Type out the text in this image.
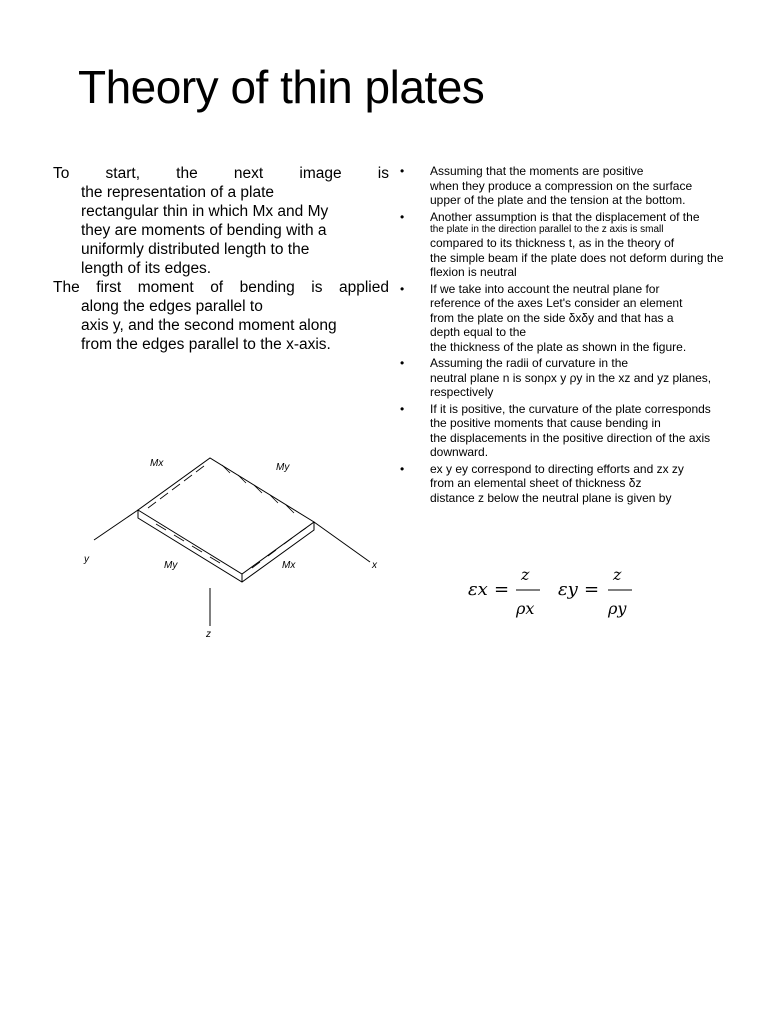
Theory of thin plates
To start, the next image is
the representation of a plate
rectangular thin in which Mx and My
they are moments of bending with a
uniformly distributed length to the
length of its edges.
The first moment of bending is applied
along the edges parallel to
axis y, and the second moment along
from the edges parallel to the x-axis.
• Assuming that the moments are positive
when they produce a compression on the surface
upper of the plate and the tension at the bottom.
• Another assumption is that the displacement of the
the plate in the direction parallel to the z axis is small
compared to its thickness t, as in the theory of
the simple beam if the plate does not deform during the
flexion is neutral
• If we take into account the neutral plane for
reference of the axes Let's consider an element
from the plate on the side δxδy and that has a
depth equal to the
the thickness of the plate as shown in the figure.
• Assuming the radii of curvature in the
neutral plane n is sonρx y ρy in the xz and yz planes,
respectively
• If it is positive, the curvature of the plate corresponds
the positive moments that cause bending in
the displacements in the positive direction of the axis
downward.
• ex y ey correspond to directing efforts and zx zy
from an elemental sheet of thickness δz
distance z below the neutral plane is given by
Mx	My
My	Mx
y
x
z
εx =
z
ρx
εy =
z
ρy
